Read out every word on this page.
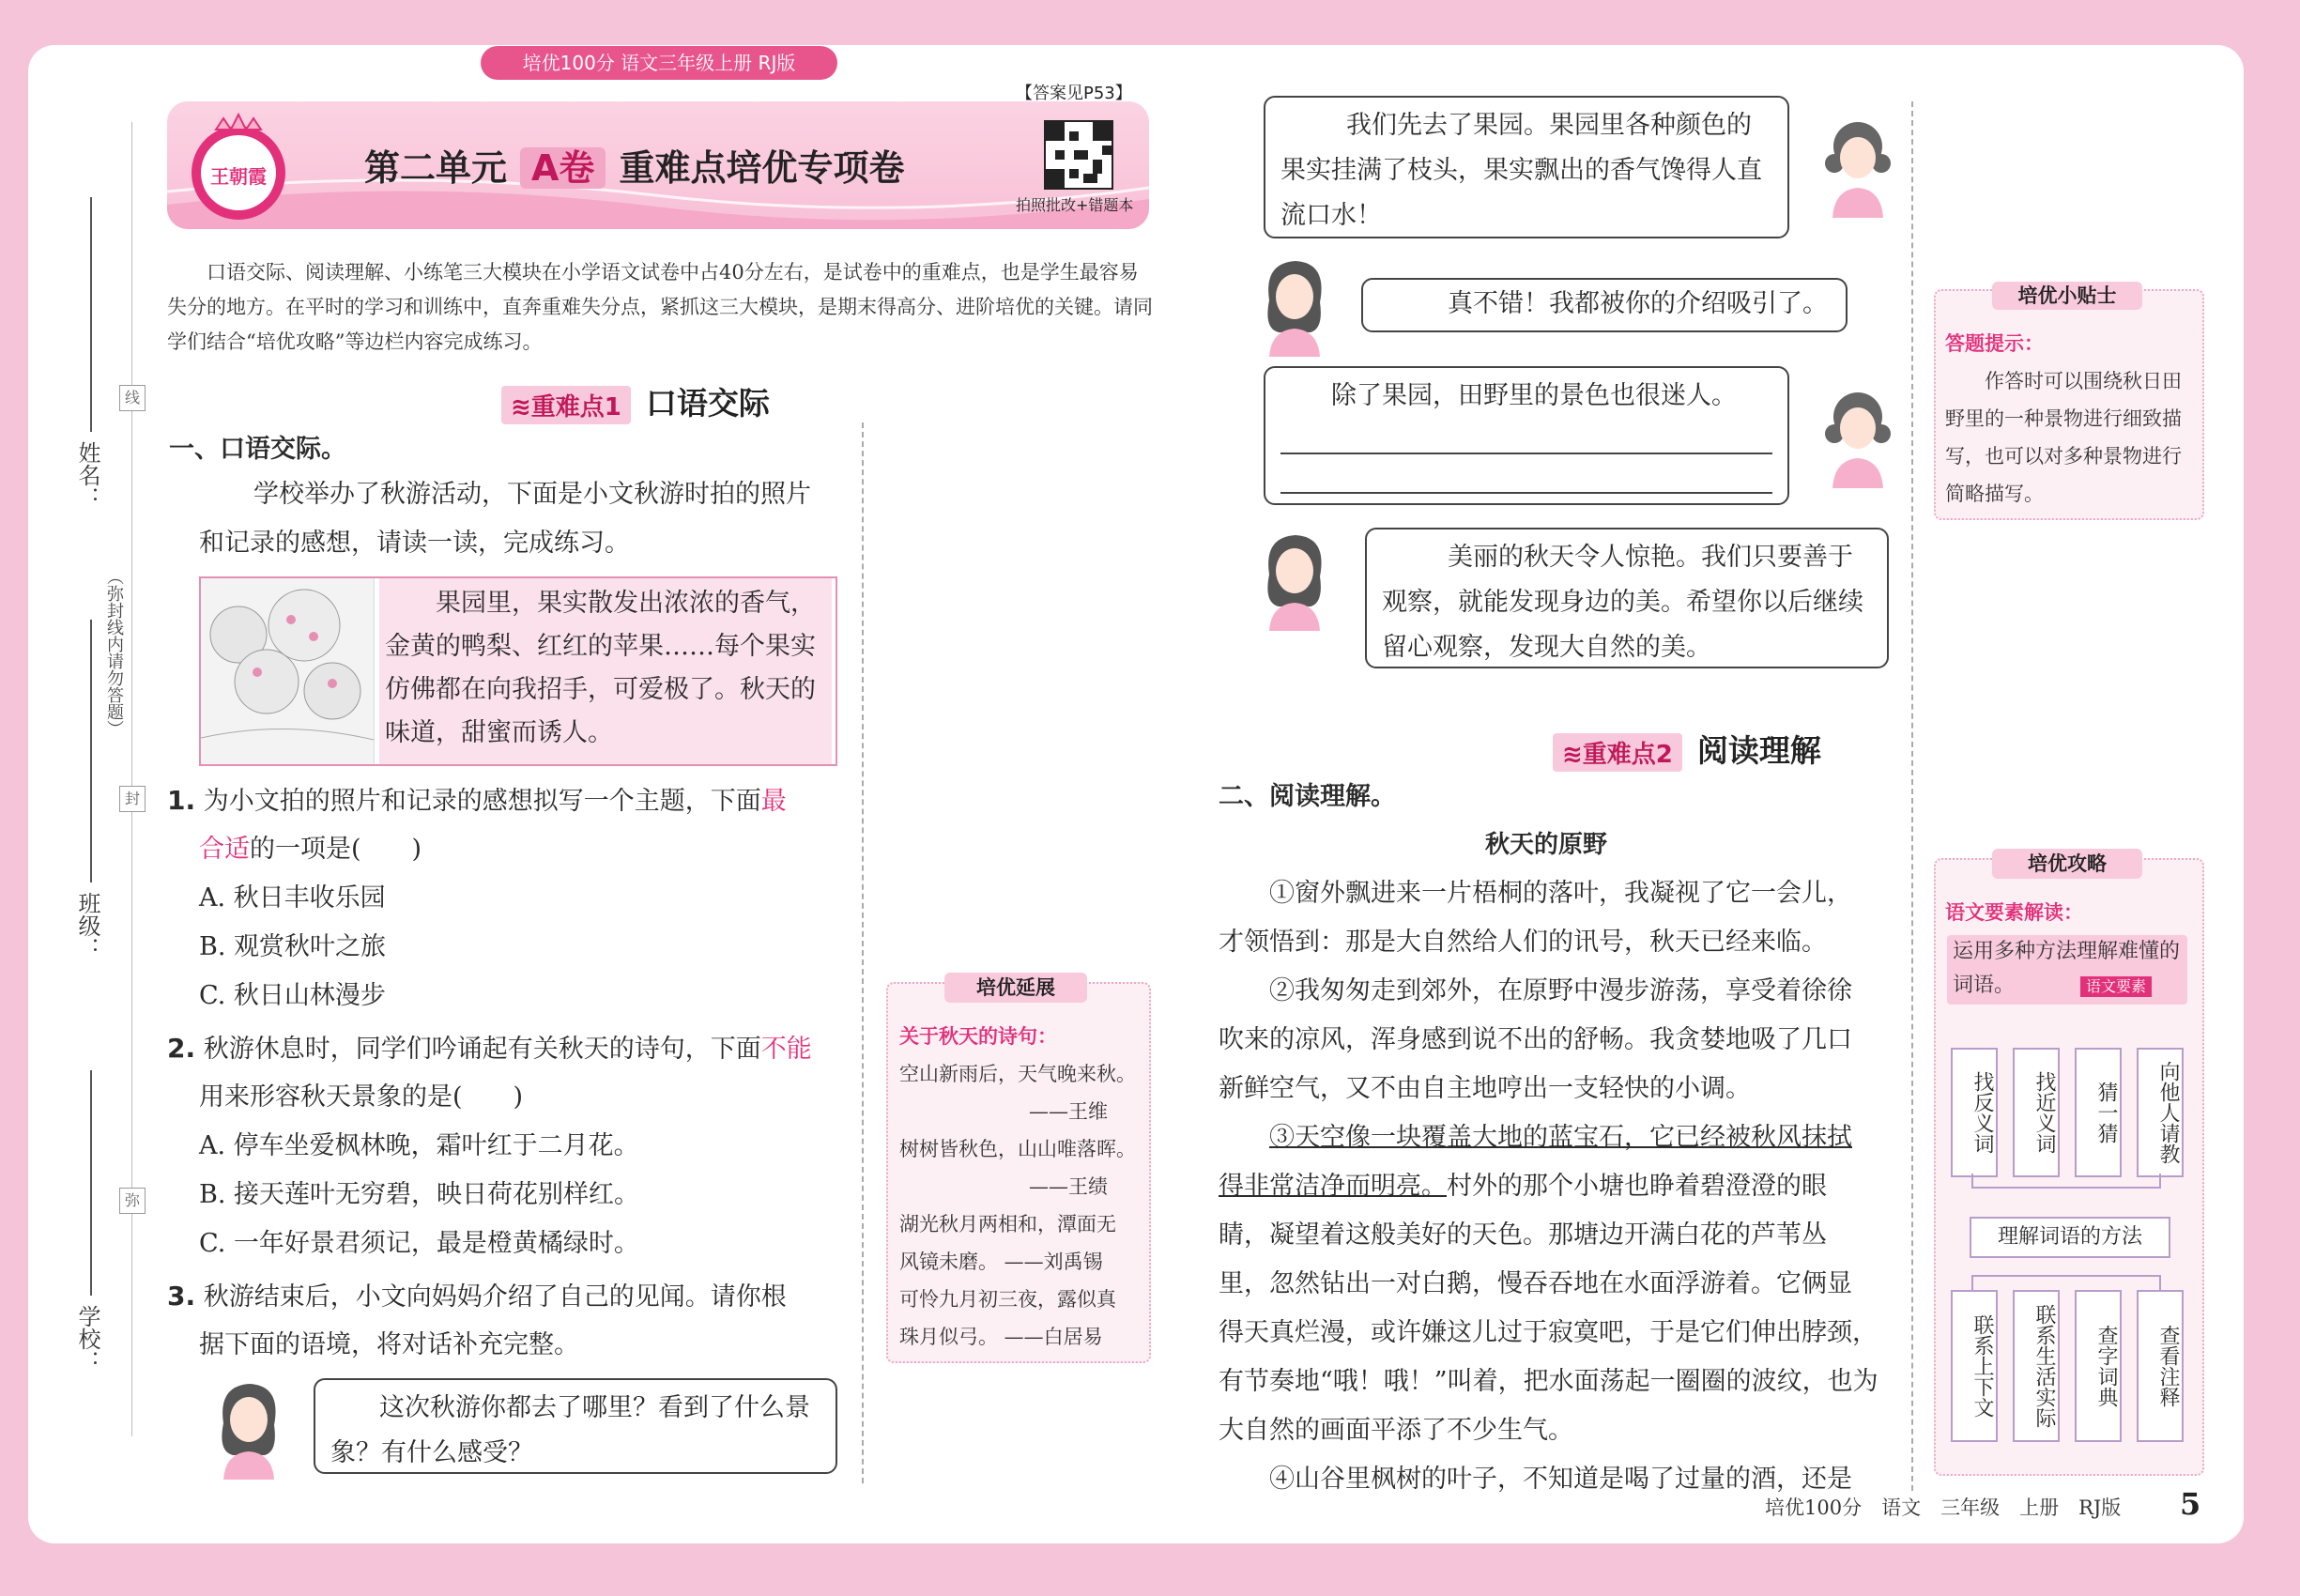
培优100分 语文三年级上册 RJ版
姓名：
班级：
学校：
（弥封线内请勿答题）
线
封
弥
王朝霞	第二单元 A卷 重难点培优专项卷
【答案见P53】
拍照批改+错题本
口语交际、阅读理解、小练笔三大模块在小学语文试卷中占40分左右，是试卷中的重难点，也是学生最容易失分的地方。在平时的学习和训练中，直奔重难失分点，紧抓这三大模块，是期末得高分、进阶培优的关键。请同学们结合“培优攻略”等边栏内容完成练习。
≋重难点1 口语交际
一、口语交际。
学校举办了秋游活动，下面是小文秋游时拍的照片
和记录的感想，请读一读，完成练习。
果园里，果实散发出浓浓的香气，金黄的鸭梨、红红的苹果……每个果实仿佛都在向我招手，可爱极了。秋天的味道，甜蜜而诱人。
1. 为小文拍的照片和记录的感想拟写一个主题，下面最
合适的一项是(　　)
A. 秋日丰收乐园
B. 观赏秋叶之旅
C. 秋日山林漫步
2. 秋游休息时，同学们吟诵起有关秋天的诗句，下面不能
用来形容秋天景象的是(　　)
A. 停车坐爱枫林晚，霜叶红于二月花。
B. 接天莲叶无穷碧，映日荷花别样红。
C. 一年好景君须记，最是橙黄橘绿时。
3. 秋游结束后，小文向妈妈介绍了自己的见闻。请你根
据下面的语境，将对话补充完整。
这次秋游你都去了哪里？看到了什么景象？有什么感受？
培优延展
关于秋天的诗句：
空山新雨后，天气晚来秋。
——王维
树树皆秋色，山山唯落晖。
——王绩
湖光秋月两相和，潭面无
风镜未磨。 ——刘禹锡
可怜九月初三夜，露似真
珠月似弓。 ——白居易
我们先去了果园。果园里各种颜色的果实挂满了枝头，果实飘出的香气馋得人直流口水！
真不错！我都被你的介绍吸引了。
除了果园，田野里的景色也很迷人。
美丽的秋天令人惊艳。我们只要善于观察，就能发现身边的美。希望你以后继续留心观察，发现大自然的美。
培优小贴士
答题提示：
作答时可以围绕秋日田野里的一种景物进行细致描写，也可以对多种景物进行简略描写。
≋重难点2 阅读理解
二、阅读理解。
秋天的原野
①窗外飘进来一片梧桐的落叶，我凝视了它一会儿，
才领悟到：那是大自然给人们的讯号，秋天已经来临。
②我匆匆走到郊外，在原野中漫步游荡，享受着徐徐
吹来的凉风，浑身感到说不出的舒畅。我贪婪地吸了几口
新鲜空气，又不由自主地哼出一支轻快的小调。
③天空像一块覆盖大地的蓝宝石，它已经被秋风抹拭
得非常洁净而明亮。村外的那个小塘也睁着碧澄澄的眼
睛，凝望着这般美好的天色。那塘边开满白花的芦苇丛
里，忽然钻出一对白鹅，慢吞吞地在水面浮游着。它俩显
得天真烂漫，或许嫌这儿过于寂寞吧，于是它们伸出脖颈，
有节奏地“哦！哦！”叫着，把水面荡起一圈圈的波纹，也为
大自然的画面平添了不少生气。
④山谷里枫树的叶子，不知道是喝了过量的酒，还是
培优攻略
语文要素解读：
运用多种方法理解难懂的词语。	语文要素
找反义词	找近义词	猜一猜	向他人请教
理解词语的方法
联系上下文	联系生活实际	查字词典	查看注释
培优100分　语文　三年级　上册　RJ版 5
